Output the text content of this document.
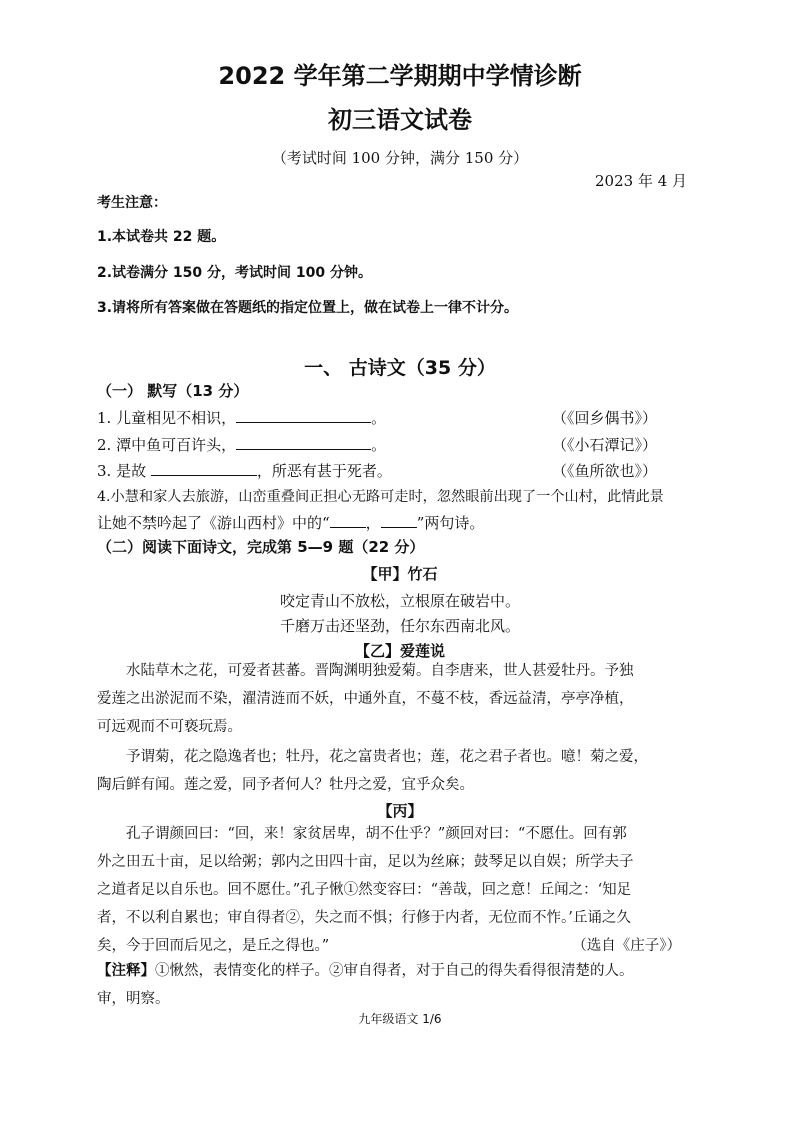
2022 学年第二学期期中学情诊断
初三语文试卷
（考试时间 100 分钟，满分 150 分）
2023 年 4 月
考生注意：
1.本试卷共 22 题。
2.试卷满分 150 分，考试时间 100 分钟。
3.请将所有答案做在答题纸的指定位置上，做在试卷上一律不计分。
一、 古诗文（35 分）
（一） 默写（13 分）
1. 儿童相见不相识，	。	（《回乡偶书》）
2. 潭中鱼可百许头，	。	（《小石潭记》）
3. 是故	，所恶有甚于死者。	（《鱼所欲也》）
4.小慧和家人去旅游，山峦重叠间正担心无路可走时，忽然眼前出现了一个山村，此情此景
让她不禁吟起了《游山西村》中的“ ， ”两句诗。
（二）阅读下面诗文，完成第 5—9 题（22 分）
【甲】竹石
咬定青山不放松，立根原在破岩中。
千磨万击还坚劲，任尔东西南北风。
【乙】爱莲说
水陆草木之花，可爱者甚蕃。晋陶渊明独爱菊。自李唐来，世人甚爱牡丹。予独
爱莲之出淤泥而不染，濯清涟而不妖，中通外直，不蔓不枝，香远益清，亭亭净植，
可远观而不可亵玩焉。
予谓菊，花之隐逸者也；牡丹，花之富贵者也；莲，花之君子者也。噫！菊之爱，
陶后鲜有闻。莲之爱，同予者何人？牡丹之爱，宜乎众矣。
【丙】
孔子谓颜回曰：“回，来！家贫居卑，胡不仕乎？”颜回对曰：“不愿仕。回有郭
外之田五十亩，足以给粥；郭内之田四十亩，足以为丝麻；鼓琴足以自娱；所学夫子
之道者足以自乐也。回不愿仕。”孔子愀①然变容曰：“善哉，回之意！丘闻之：‘知足
者，不以利自累也；审自得者②，失之而不惧；行修于内者，无位而不怍。’丘诵之久
矣，今于回而后见之，是丘之得也。”	（选自《庄子》）
【注释】①愀然，表情变化的样子。②审自得者，对于自己的得失看得很清楚的人。
审，明察。
九年级语文 1/6
